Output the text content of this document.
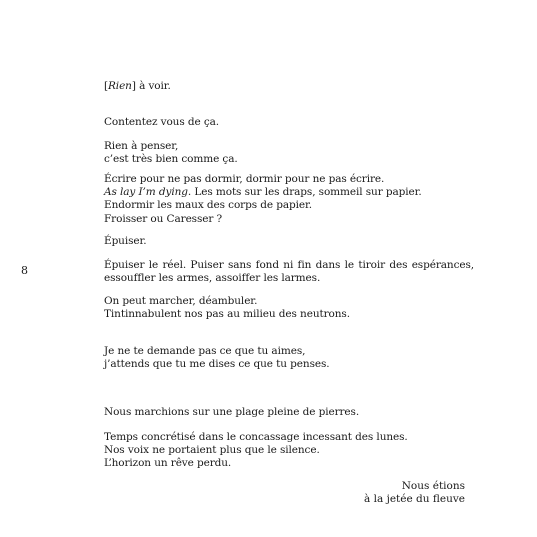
8
[Rien] à voir.
Contentez vous de ça.
Rien à penser,
c’est très bien comme ça.
Écrire pour ne pas dormir, dormir pour ne pas écrire.
As lay I’m dying. Les mots sur les draps, sommeil sur papier.
Endormir les maux des corps de papier.
Froisser ou Caresser ?
Épuiser.
Épuiser le réel. Puiser sans fond ni fin dans le tiroir des espérances, essouffler les armes, assoiffer les larmes.
On peut marcher, déambuler.
Tintinnabulent nos pas au milieu des neutrons.
Je ne te demande pas ce que tu aimes,
j’attends que tu me dises ce que tu penses.
Nous marchions sur une plage pleine de pierres.
Temps concrétisé dans le concassage incessant des lunes.
Nos voix ne portaient plus que le silence.
L’horizon un rêve perdu.
Nous étions
à la jetée du fleuve
